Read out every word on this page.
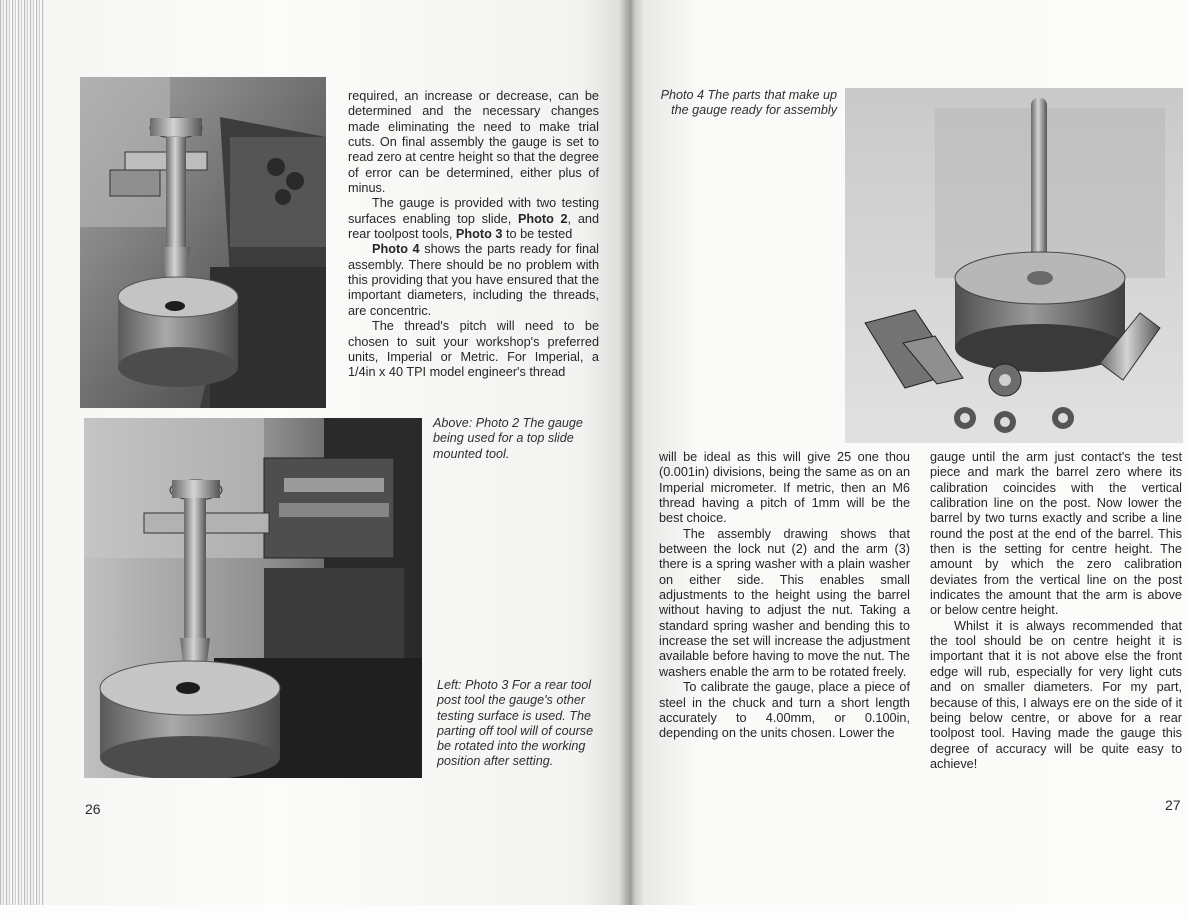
required, an increase or decrease, can be determined and the necessary changes made eliminating the need to make trial cuts. On final assembly the gauge is set to read zero at centre height so that the degree of error can be determined, either plus of minus.

The gauge is provided with two testing surfaces enabling top slide, Photo 2, and rear toolpost tools, Photo 3 to be tested

Photo 4 shows the parts ready for final assembly. There should be no problem with this providing that you have ensured that the important diameters, including the threads, are concentric.

The thread's pitch will need to be chosen to suit your workshop's preferred units, Imperial or Metric. For Imperial, a 1/4in x 40 TPI model engineer's thread

Above: Photo 2 The gauge being used for a top slide mounted tool.
Left: Photo 3 For a rear tool post tool the gauge's other testing surface is used. The parting off tool will of course be rotated into the working position after setting.
26
Photo 4 The parts that make up the gauge ready for assembly

will be ideal as this will give 25 one thou (0.001in) divisions, being the same as on an Imperial micrometer. If metric, then an M6 thread having a pitch of 1mm will be the best choice.

The assembly drawing shows that between the lock nut (2) and the arm (3) there is a spring washer with a plain washer on either side. This enables small adjustments to the height using the barrel without having to adjust the nut. Taking a standard spring washer and bending this to increase the set will increase the adjustment available before having to move the nut. The washers enable the arm to be rotated freely.

To calibrate the gauge, place a piece of steel in the chuck and turn a short length accurately to 4.00mm, or 0.100in, depending on the units chosen. Lower the

gauge until the arm just contact's the test piece and mark the barrel zero where its calibration coincides with the vertical calibration line on the post. Now lower the barrel by two turns exactly and scribe a line round the post at the end of the barrel. This then is the setting for centre height. The amount by which the zero calibration deviates from the vertical line on the post indicates the amount that the arm is above or below centre height.

Whilst it is always recommended that the tool should be on centre height it is important that it is not above else the front edge will rub, especially for very light cuts and on smaller diameters. For my part, because of this, I always ere on the side of it being below centre, or above for a rear toolpost tool. Having made the gauge this degree of accuracy will be quite easy to achieve!

27
